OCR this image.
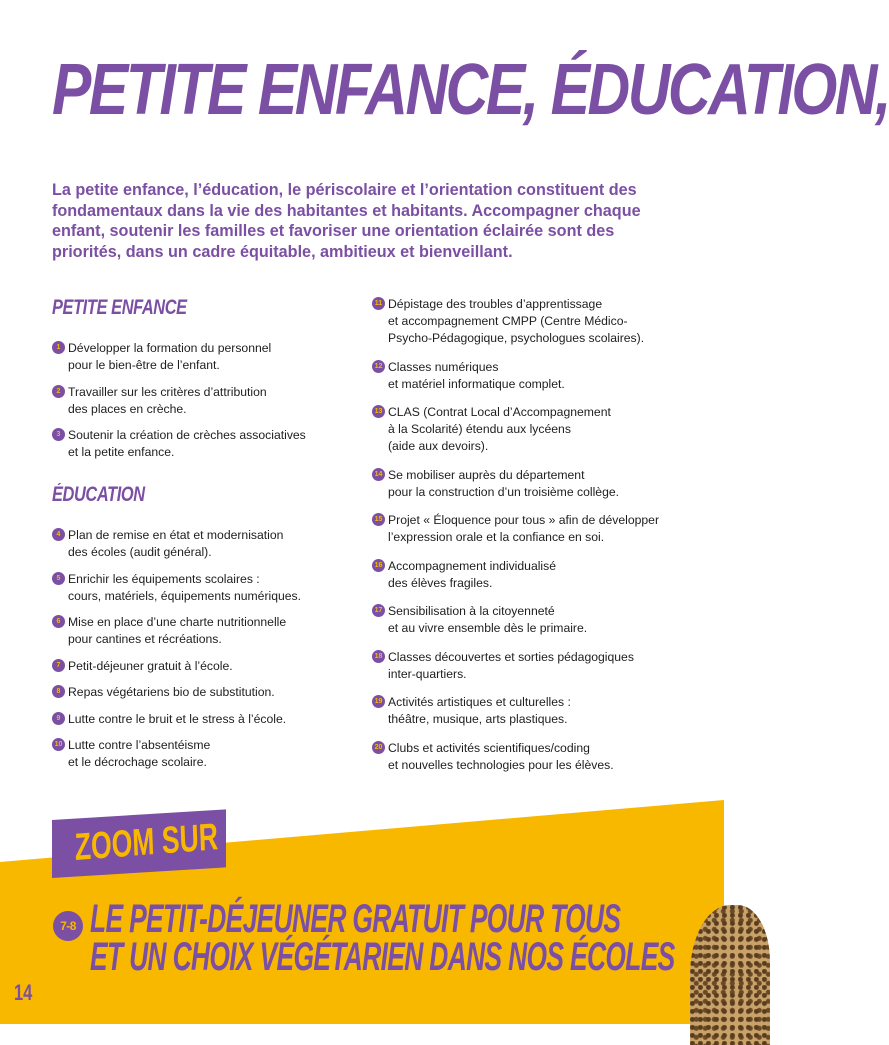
PETITE ENFANCE, ÉDUCATION,

La petite enfance, l’éducation, le périscolaire et l’orientation constituent des fondamentaux dans la vie des habitantes et habitants. Accompagner chaque enfant, soutenir les familles et favoriser une orientation éclairée sont des priorités, dans un cadre équitable, ambitieux et bienveillant.

PETITE ENFANCE
1 Développer la formation du personnel
pour le bien-être de l’enfant.
2 Travailler sur les critères d’attribution
des places en crèche.
3 Soutenir la création de crèches associatives
et la petite enfance.
ÉDUCATION
4 Plan de remise en état et modernisation
des écoles (audit général).
5 Enrichir les équipements scolaires :
cours, matériels, équipements numériques.
6 Mise en place d’une charte nutritionnelle
pour cantines et récréations.
7 Petit-déjeuner gratuit à l’école.
8 Repas végétariens bio de substitution.
9 Lutte contre le bruit et le stress à l’école.
10 Lutte contre l’absentéisme
et le décrochage scolaire.
11 Dépistage des troubles d’apprentissage
et accompagnement CMPP (Centre Médico-
Psycho-Pédagogique, psychologues scolaires).
12 Classes numériques
et matériel informatique complet.
13 CLAS (Contrat Local d’Accompagnement
à la Scolarité) étendu aux lycéens
(aide aux devoirs).
14 Se mobiliser auprès du département
pour la construction d’un troisième collège.
15 Projet « Éloquence pour tous » afin de développer
l’expression orale et la confiance en soi.
16 Accompagnement individualisé
des élèves fragiles.
17 Sensibilisation à la citoyenneté
et au vivre ensemble dès le primaire.
18 Classes découvertes et sorties pédagogiques
inter-quartiers.
19 Activités artistiques et culturelles :
théâtre, musique, arts plastiques.
20 Clubs et activités scientifiques/coding
et nouvelles technologies pour les élèves.
ZOOM SUR
7-8 LE PETIT-DÉJEUNER GRATUIT POUR TOUS
ET UN CHOIX VÉGÉTARIEN DANS NOS ÉCOLES
14
